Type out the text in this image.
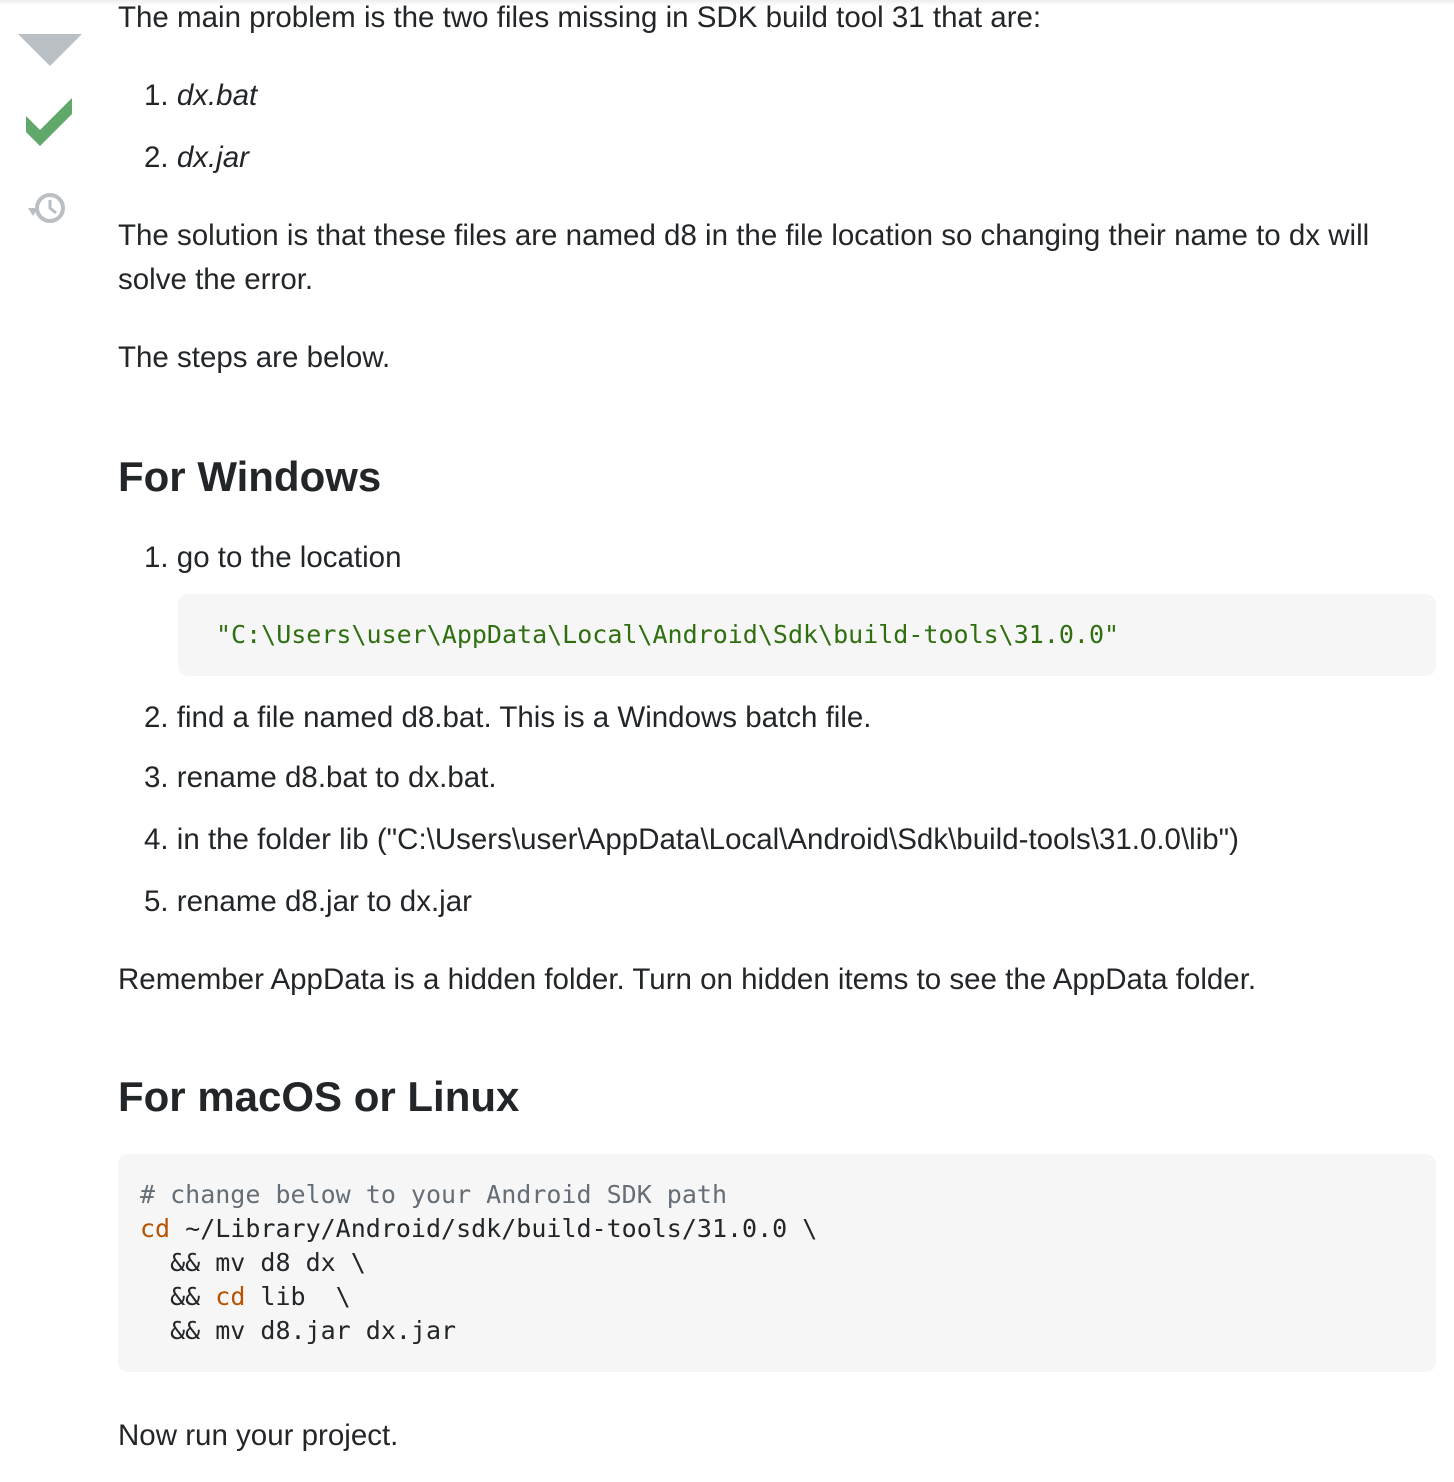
The main problem is the two files missing in SDK build tool 31 that are:

1. dx.bat

2. dx.jar

The solution is that these files are named d8 in the file location so changing their name to dx will

solve the error.

The steps are below.

For Windows

1. go to the location

"C:\Users\user\AppData\Local\Android\Sdk\build-tools\31.0.0"

2. find a file named d8.bat. This is a Windows batch file.

3. rename d8.bat to dx.bat.

4. in the folder lib ("C:\Users\user\AppData\Local\Android\Sdk\build-tools\31.0.0\lib")

5. rename d8.jar to dx.jar

Remember AppData is a hidden folder. Turn on hidden items to see the AppData folder.

For macOS or Linux
# change below to your Android SDK path
cd ~/Library/Android/sdk/build-tools/31.0.0 \
&& mv d8 dx \
&& cd lib  \
&& mv d8.jar dx.jar

Now run your project.
